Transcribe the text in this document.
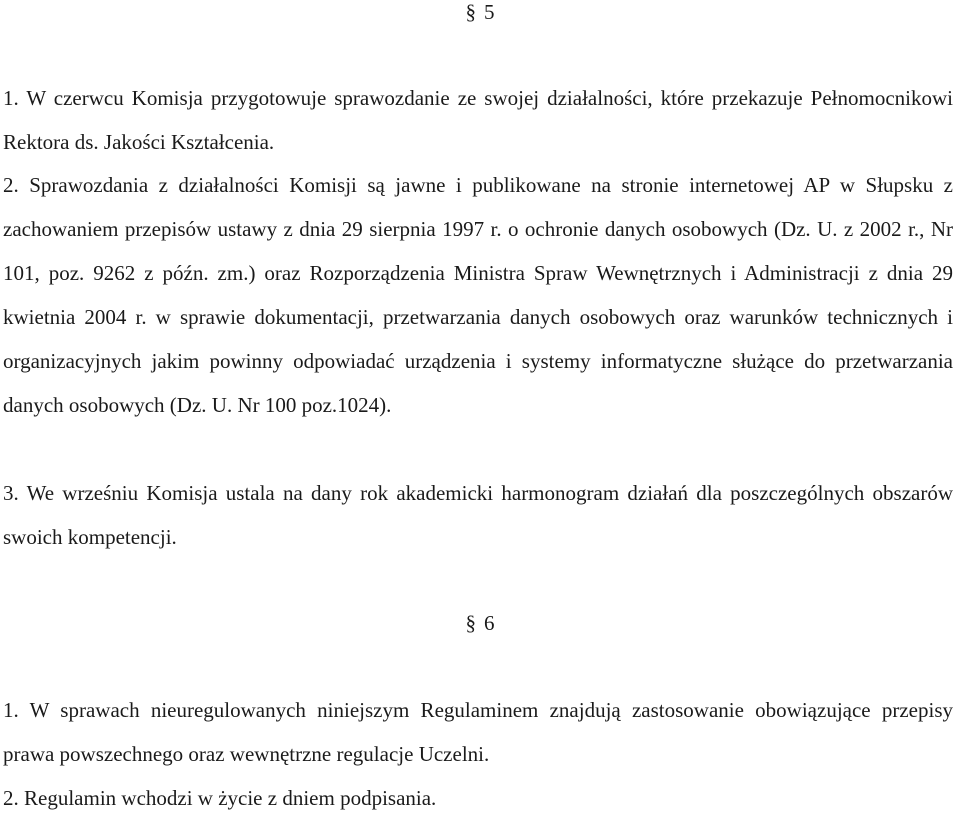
§ 5

1. W czerwcu Komisja przygotowuje sprawozdanie ze swojej działalności, które przekazuje Pełnomocnikowi Rektora ds. Jakości Kształcenia.

2. Sprawozdania z działalności Komisji są jawne i publikowane na stronie internetowej AP w Słupsku z zachowaniem przepisów ustawy z dnia 29 sierpnia 1997 r. o ochronie danych osobowych (Dz. U. z 2002 r., Nr 101, poz. 9262 z późn. zm.) oraz Rozporządzenia Ministra Spraw Wewnętrznych i Administracji z dnia 29 kwietnia 2004 r. w sprawie dokumentacji, przetwarzania danych osobowych oraz warunków technicznych i organizacyjnych jakim powinny odpowiadać urządzenia i systemy informatyczne służące do przetwarzania danych osobowych (Dz. U. Nr 100 poz.1024).

3. We wrześniu Komisja ustala na dany rok akademicki harmonogram działań dla poszczególnych obszarów swoich kompetencji.

§ 6

1. W sprawach nieuregulowanych niniejszym Regulaminem znajdują zastosowanie obowiązujące przepisy prawa powszechnego oraz wewnętrzne regulacje Uczelni.

2. Regulamin wchodzi w życie z dniem podpisania.
